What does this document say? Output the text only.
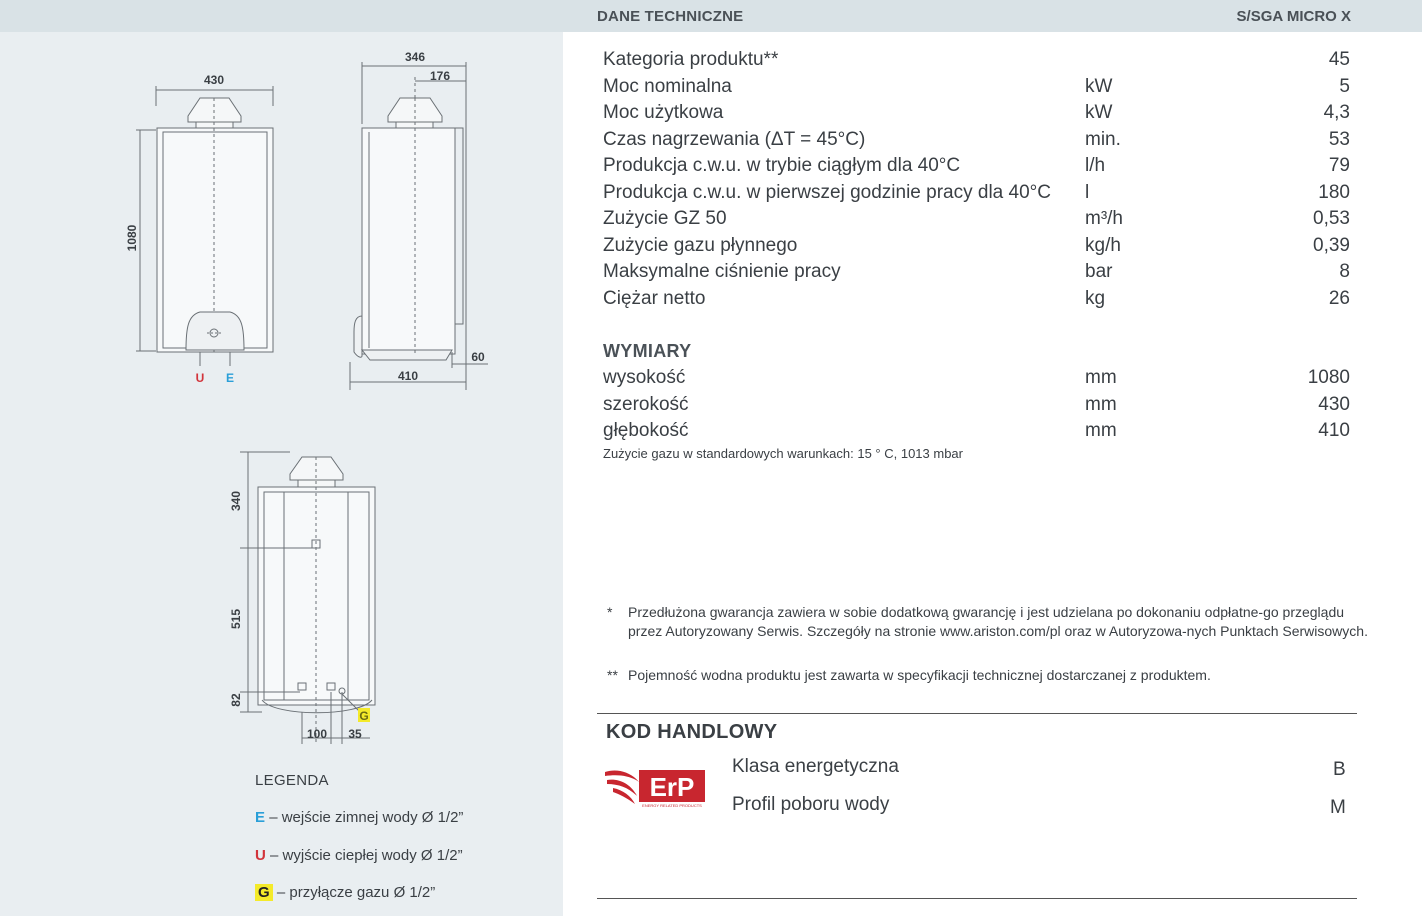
DANE TECHNICZNE	S/SGA MICRO X
430
1080
U E
346
176
410
60
340
515
82
100 35
G
LEGENDA
E – wejście zimnej wody Ø 1/2”
U – wyjście ciepłej wody Ø 1/2”
G – przyłącze gazu Ø 1/2”
Kategoria produktu**		45
Moc nominalna	kW	5
Moc użytkowa	kW	4,3
Czas nagrzewania (ΔT = 45°C)	min.	53
Produkcja c.w.u. w trybie ciągłym dla 40°C	l/h	79
Produkcja c.w.u. w pierwszej godzinie pracy dla 40°C	l	180
Zużycie GZ 50	m³/h	0,53
Zużycie gazu płynnego	kg/h	0,39
Maksymalne ciśnienie pracy	bar	8
Ciężar netto	kg	26
WYMIARY
wysokość	mm	1080
szerokość	mm	430
głębokość	mm	410
Zużycie gazu w standardowych warunkach: 15 ° C, 1013 mbar
* Przedłużona gwarancja zawiera w sobie dodatkową gwarancję i jest udzielana po dokonaniu odpłatne-go przeglądu przez Autoryzowany Serwis. Szczegóły na stronie www.ariston.com/pl oraz w Autoryzowa-nych Punktach Serwisowych.
** Pojemność wodna produktu jest zawarta w specyfikacji technicznej dostarczanej z produktem.
KOD HANDLOWY
ErP
ENERGY RELATED PRODUCTS
Klasa energetyczna	B
Profil poboru wody	M
